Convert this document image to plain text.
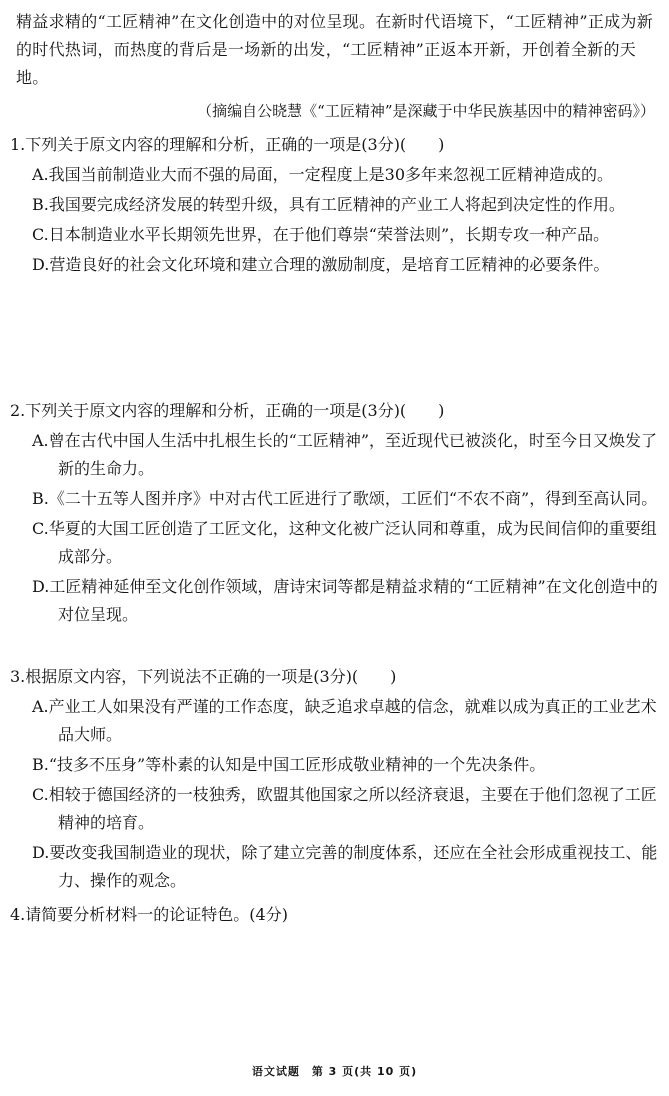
精益求精的“工匠精神”在文化创造中的对位呈现。在新时代语境下，“工匠精神”正成为新的时代热词，而热度的背后是一场新的出发，“工匠精神”正返本开新，开创着全新的天地。
（摘编自公晓慧《“工匠精神”是深藏于中华民族基因中的精神密码》）
1.下列关于原文内容的理解和分析，正确的一项是(3分)(　　)
A.我国当前制造业大而不强的局面，一定程度上是30多年来忽视工匠精神造成的。
B.我国要完成经济发展的转型升级，具有工匠精神的产业工人将起到决定性的作用。
C.日本制造业水平长期领先世界，在于他们尊崇“荣誉法则”，长期专攻一种产品。
D.营造良好的社会文化环境和建立合理的激励制度，是培育工匠精神的必要条件。
2.下列关于原文内容的理解和分析，正确的一项是(3分)(　　)
A.曾在古代中国人生活中扎根生长的“工匠精神”，至近现代已被淡化，时至今日又焕发了新的生命力。
B.《二十五等人图并序》中对古代工匠进行了歌颂，工匠们“不农不商”，得到至高认同。
C.华夏的大国工匠创造了工匠文化，这种文化被广泛认同和尊重，成为民间信仰的重要组成部分。
D.工匠精神延伸至文化创作领域，唐诗宋词等都是精益求精的“工匠精神”在文化创造中的对位呈现。
3.根据原文内容，下列说法不正确的一项是(3分)(　　)
A.产业工人如果没有严谨的工作态度，缺乏追求卓越的信念，就难以成为真正的工业艺术品大师。
B.“技多不压身”等朴素的认知是中国工匠形成敬业精神的一个先决条件。
C.相较于德国经济的一枝独秀，欧盟其他国家之所以经济衰退，主要在于他们忽视了工匠精神的培育。
D.要改变我国制造业的现状，除了建立完善的制度体系，还应在全社会形成重视技工、能力、操作的观念。
4.请简要分析材料一的论证特色。(4分)
语文试题　第 3 页(共 10 页)
